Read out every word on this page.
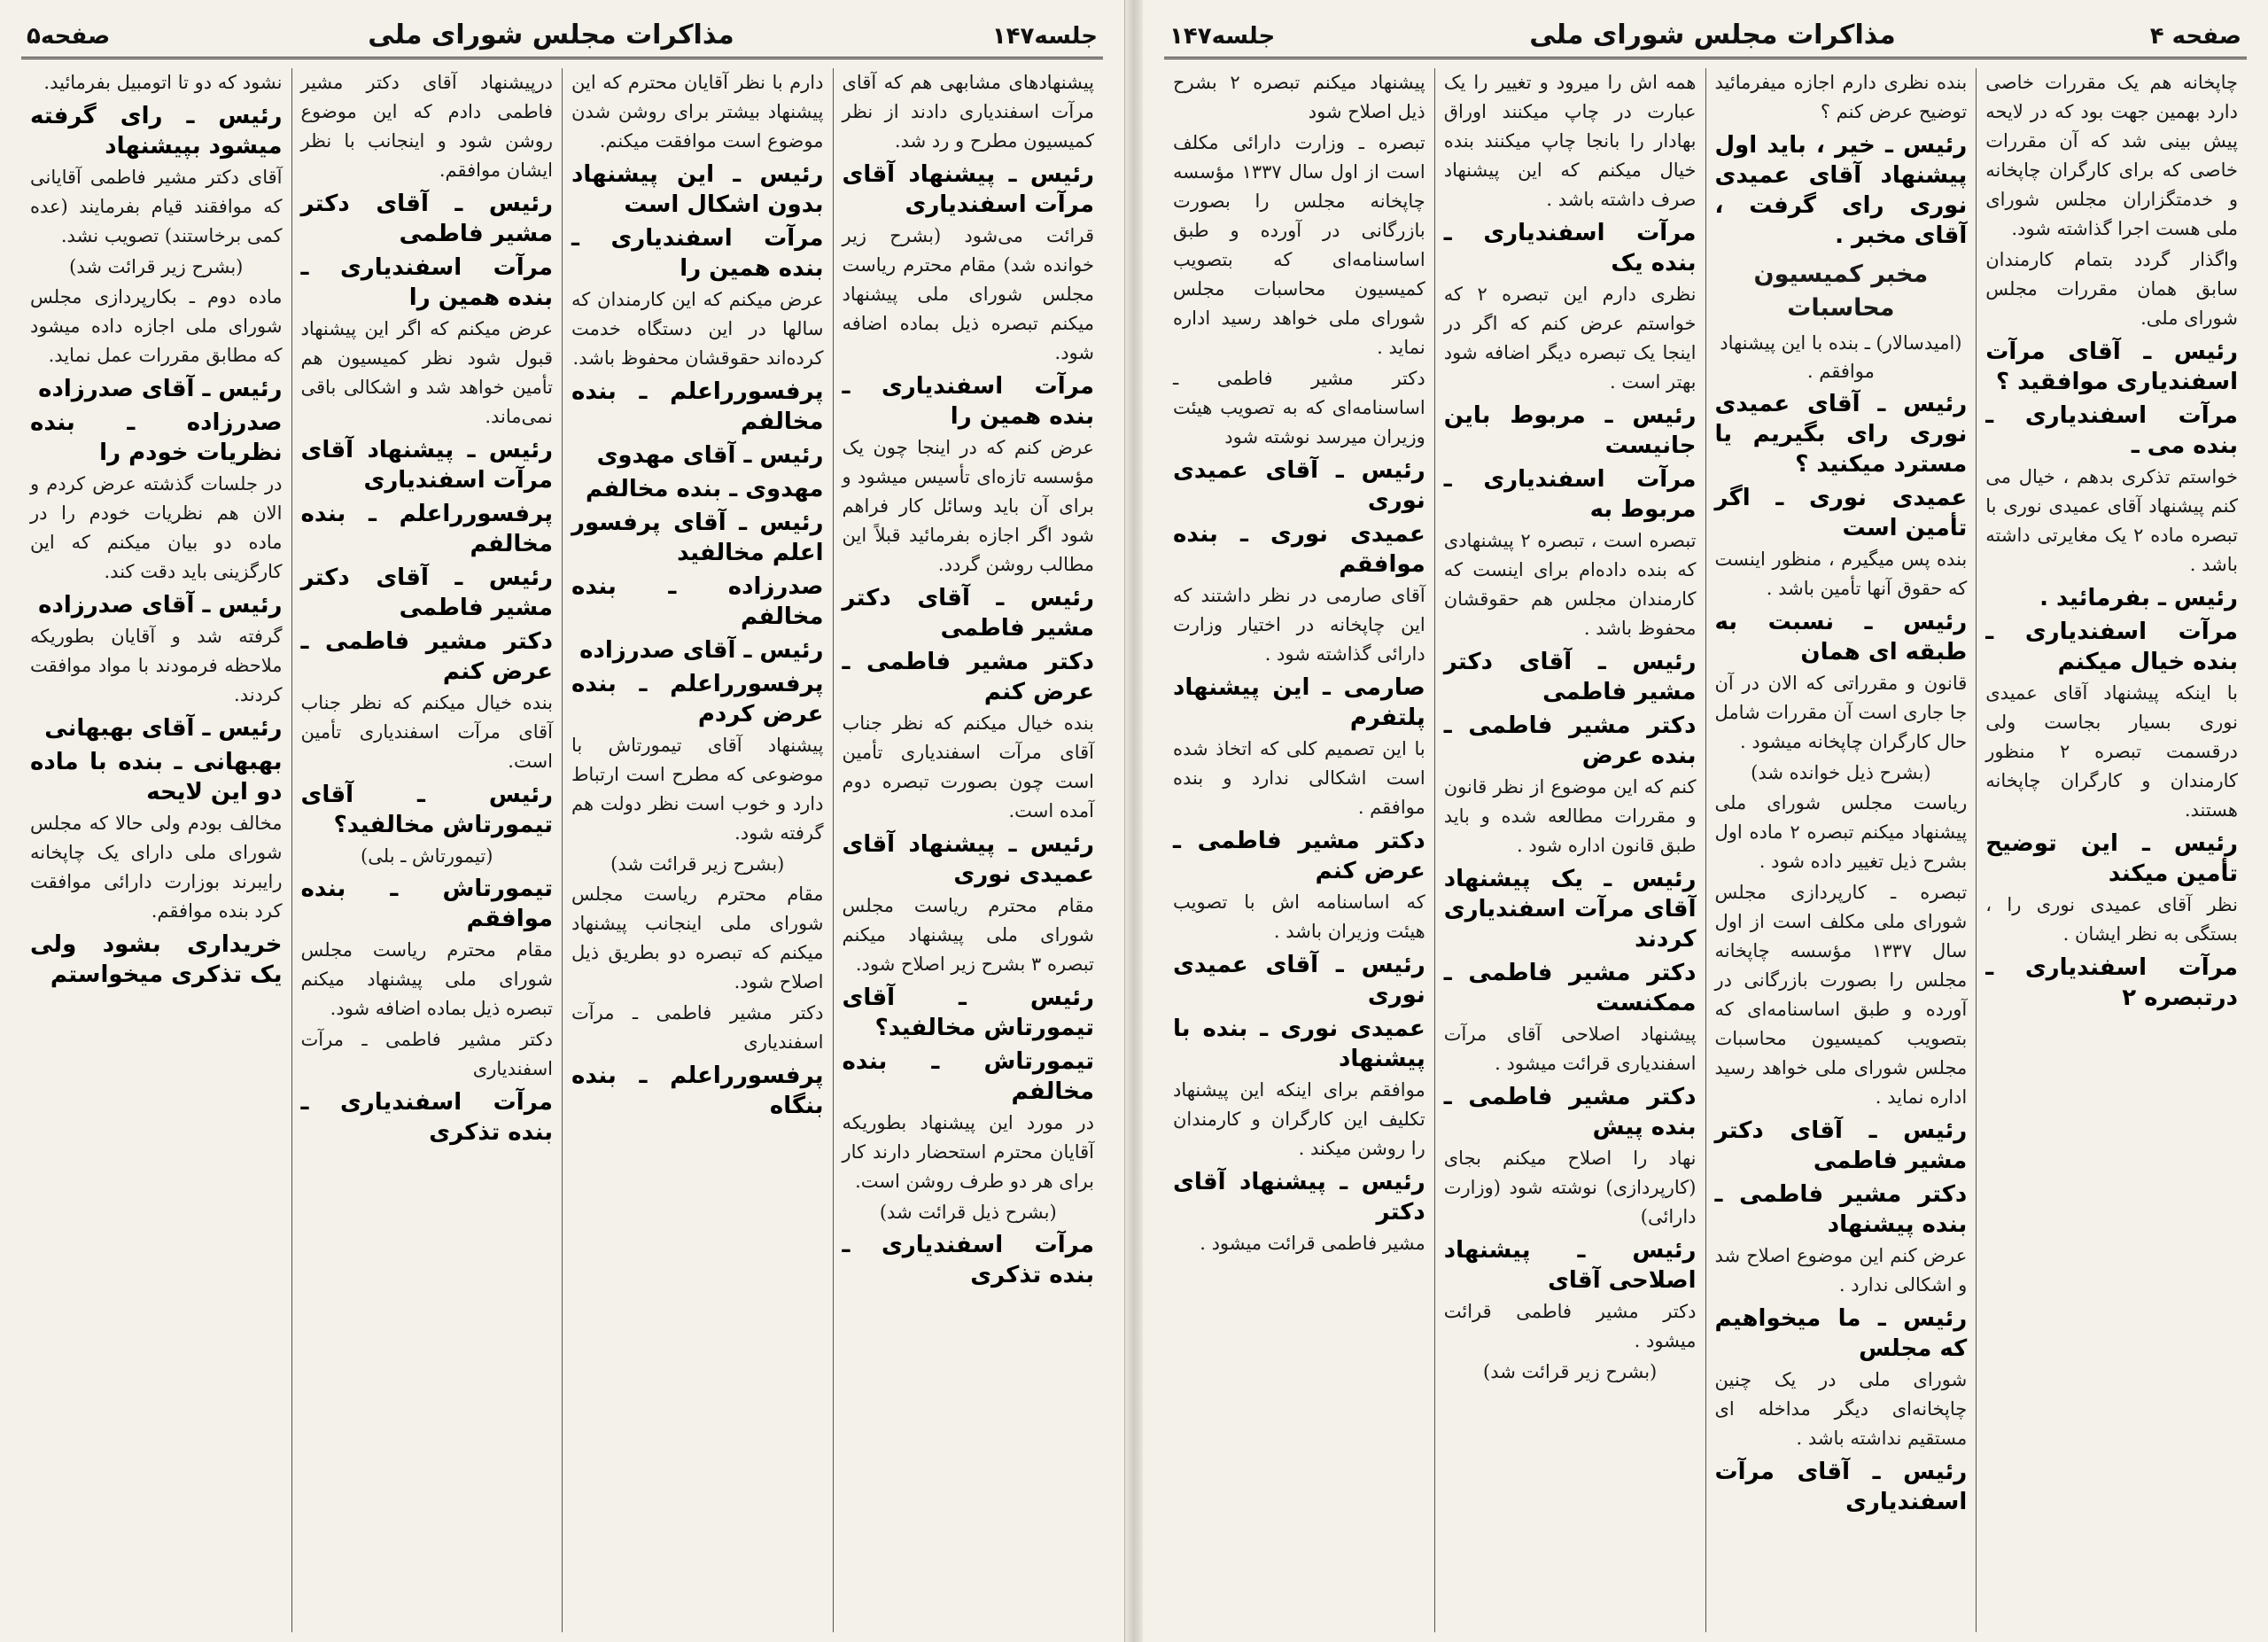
جلسه۱۴۷
مذاکرات مجلس شورای ملی
صفحه۵
پیشنهادهای مشابهی هم که آقای مرآت اسفندیاری دادند از نظر کمیسیون مطرح و رد شد.
رئیس ـ پیشنهاد آقای مرآت اسفندیاری
قرائت می‌شود (بشرح زیر خوانده شد) مقام محترم ریاست مجلس شورای ملی پیشنهاد میکنم تبصره ذیل بماده اضافه شود.
مرآت اسفندیاری ـ بنده همین را
عرض کنم که در اینجا چون یک مؤسسه تازه‌ای تأسیس میشود و برای آن باید وسائل کار فراهم شود اگر اجازه بفرمائید قبلاً این مطالب روشن گردد.
رئیس ـ آقای دکتر مشیر فاطمی
دکتر مشیر فاطمی ـ عرض کنم
بنده خیال میکنم که نظر جناب آقای مرآت اسفندیاری تأمین است چون بصورت تبصره دوم آمده است.
رئیس ـ پیشنهاد آقای عمیدی نوری
مقام محترم ریاست مجلس شورای ملی پیشنهاد میکنم تبصره ۳ بشرح زیر اصلاح شود.
رئیس ـ آقای تیمورتاش مخالفید؟
تیمورتاش ـ بنده مخالفم
در مورد این پیشنهاد بطوریکه آقایان محترم استحضار دارند کار برای هر دو طرف روشن است.
(بشرح ذیل قرائت شد)
مرآت اسفندیاری ـ بنده تذکری
دارم با نظر آقایان محترم که این پیشنهاد بیشتر برای روشن شدن موضوع است موافقت میکنم.
رئیس ـ این پیشنهاد بدون اشکال است
مرآت اسفندیاری ـ بنده همین را
عرض میکنم که این کارمندان که سالها در این دستگاه خدمت کرده‌اند حقوقشان محفوظ باشد.
پرفسورراعلم ـ بنده مخالفم
رئیس ـ آقای مهدوی
مهدوی ـ بنده مخالفم
رئیس ـ آقای پرفسور اعلم مخالفید
صدرزاده ـ بنده مخالفم
رئیس ـ آقای صدرزاده
پرفسورراعلم ـ بنده عرض کردم
پیشنهاد آقای تیمورتاش با موضوعی که مطرح است ارتباط دارد و خوب است نظر دولت هم گرفته شود.
(بشرح زیر قرائت شد)
مقام محترم ریاست مجلس شورای ملی اینجانب پیشنهاد میکنم که تبصره دو بطریق ذیل اصلاح شود.
دکتر مشیر فاطمی ـ مرآت اسفندیاری
پرفسورراعلم ـ بنده بنگاه
درپیشنهاد آقای دکتر مشیر فاطمی دادم که این موضوع روشن شود و اینجانب با نظر ایشان موافقم.
رئیس ـ آقای دکتر مشیر فاطمی
مرآت اسفندیاری ـ بنده همین را
عرض میکنم که اگر این پیشنهاد قبول شود نظر کمیسیون هم تأمین خواهد شد و اشکالی باقی نمی‌ماند.
رئیس ـ پیشنهاد آقای مرآت اسفندیاری
پرفسورراعلم ـ بنده مخالفم
رئیس ـ آقای دکتر مشیر فاطمی
دکتر مشیر فاطمی ـ عرض کنم
بنده خیال میکنم که نظر جناب آقای مرآت اسفندیاری تأمین است.
رئیس ـ آقای تیمورتاش مخالفید؟
(تیمورتاش ـ بلی)
تیمورتاش ـ بنده موافقم
مقام محترم ریاست مجلس شورای ملی پیشنهاد میکنم تبصره ذیل بماده اضافه شود.
دکتر مشیر فاطمی ـ مرآت اسفندیاری
مرآت اسفندیاری ـ بنده تذکری
نشود که دو تا اتومبیل بفرمائید.
رئیس ـ رای گرفته میشود بپیشنهاد
آقای دکتر مشیر فاطمی آقایانی که موافقند قیام بفرمایند (عده کمی برخاستند) تصویب نشد.
(بشرح زیر قرائت شد)
ماده دوم ـ بکارپردازی مجلس شورای ملی اجازه داده میشود که مطابق مقررات عمل نماید.
رئیس ـ آقای صدرزاده
صدرزاده ـ بنده نظریات خودم را
در جلسات گذشته عرض کردم و الان هم نظریات خودم را در ماده دو بیان میکنم که این کارگزینی باید دقت کند.
رئیس ـ آقای صدرزاده
گرفته شد و آقایان بطوریکه ملاحظه فرمودند با مواد موافقت کردند.
رئیس ـ آقای بهبهانی
بهبهانی ـ بنده با ماده دو این لایحه
مخالف بودم ولی حالا که مجلس شورای ملی دارای یک چاپخانه رایبرند بوزارت دارائی موافقت کرد بنده موافقم.
خریداری بشود ولی یک تذکری میخواستم
صفحه ۴
مذاکرات مجلس شورای ملی
جلسه۱۴۷
چاپخانه هم یک مقررات خاصی دارد بهمین جهت بود که در لایحه پیش بینی شد که آن مقررات خاصی که برای کارگران چاپخانه و خدمتگزاران مجلس شورای ملی هست اجرا گذاشته شود.
واگذار گردد بتمام کارمندان سابق همان مقررات مجلس شورای ملی.
رئیس ـ آقای مرآت اسفندیاری موافقید ؟
مرآت اسفندیاری ـ بنده می ـ
خواستم تذکری بدهم ، خیال می کنم پیشنهاد آقای عمیدی نوری با تبصره ماده ۲ یک مغایرتی داشته باشد .
رئیس ـ بفرمائید .
مرآت اسفندیاری ـ بنده خیال میکنم
با اینکه پیشنهاد آقای عمیدی نوری بسیار بجاست ولی درقسمت تبصره ۲ منظور کارمندان و کارگران چاپخانه هستند.
رئیس ـ این توضیح تأمین میکند
نظر آقای عمیدی نوری را ، بستگی به نظر ایشان .
مرآت اسفندیاری ـ درتبصره ۲
بنده نظری دارم اجازه میفرمائید توضیح عرض کنم ؟
رئیس ـ خیر ، باید اول پیشنهاد آقای عمیدی نوری رای گرفت ، آقای مخبر .
مخبر کمیسیون محاسبات
(امیدسالار) ـ بنده با این پیشنهاد موافقم .
رئیس ـ آقای عمیدی نوری رای بگیریم یا مسترد میکنید ؟
عمیدی نوری ـ اگر تأمین است
بنده پس میگیرم ، منظور اینست که حقوق آنها تأمین باشد .
رئیس ـ نسبت به طبقه ای همان
قانون و مقرراتی که الان در آن جا جاری است آن مقررات شامل حال کارگران چاپخانه میشود .
(بشرح ذیل خوانده شد)
ریاست مجلس شورای ملی پیشنهاد میکنم تبصره ۲ ماده اول بشرح ذیل تغییر داده شود .
تبصره ـ کارپردازی مجلس شورای ملی مکلف است از اول سال ۱۳۳۷ مؤسسه چاپخانه مجلس را بصورت بازرگانی در آورده و طبق اساسنامه‌ای که بتصویب کمیسیون محاسبات مجلس شورای ملی خواهد رسید اداره نماید .
رئیس ـ آقای دکتر مشیر فاطمی
دکتر مشیر فاطمی ـ بنده پیشنهاد
عرض کنم این موضوع اصلاح شد و اشکالی ندارد .
رئیس ـ ما میخواهیم که مجلس
شورای ملی در یک چنین چاپخانه‌ای دیگر مداخله ای مستقیم نداشته باشد .
رئیس ـ آقای مرآت اسفندیاری
همه اش را میرود و تغییر را یک عبارت در چاپ میکنند اوراق بهادار را بانجا چاپ میکنند بنده خیال میکنم که این پیشنهاد صرف داشته باشد .
مرآت اسفندیاری ـ بنده یک
نظری دارم این تبصره ۲ که خواستم عرض کنم که اگر در اینجا یک تبصره دیگر اضافه شود بهتر است .
رئیس ـ مربوط باین جانیست
مرآت اسفندیاری ـ مربوط به
تبصره است ، تبصره ۲ پیشنهادی که بنده داده‌ام برای اینست که کارمندان مجلس هم حقوقشان محفوظ باشد .
رئیس ـ آقای دکتر مشیر فاطمی
دکتر مشیر فاطمی ـ بنده عرض
کنم که این موضوع از نظر قانون و مقررات مطالعه شده و باید طبق قانون اداره شود .
رئیس ـ یک پیشنهاد آقای مرآت اسفندیاری کردند
دکتر مشیر فاطمی ـ ممکنست
پیشنهاد اصلاحی آقای مرآت اسفندیاری قرائت میشود .
دکتر مشیر فاطمی ـ بنده پیش
نهاد را اصلاح میکنم بجای (کارپردازی) نوشته شود (وزارت دارائی)
رئیس ـ پیشنهاد اصلاحی آقای
دکتر مشیر فاطمی قرائت میشود .
(بشرح زیر قرائت شد)
پیشنهاد میکنم تبصره ۲ بشرح ذیل اصلاح شود
تبصره ـ وزارت دارائی مکلف است از اول سال ۱۳۳۷ مؤسسه چاپخانه مجلس را بصورت بازرگانی در آورده و طبق اساسنامه‌ای که بتصویب کمیسیون محاسبات مجلس شورای ملی خواهد رسید اداره نماید .
دکتر مشیر فاطمی ـ اساسنامه‌ای که به تصویب هیئت وزیران میرسد نوشته شود
رئیس ـ آقای عمیدی نوری
عمیدی نوری ـ بنده موافقم
آقای صارمی در نظر داشتند که این چاپخانه در اختیار وزارت دارائی گذاشته شود .
صارمی ـ این پیشنهاد پلتفرم
با این تصمیم کلی که اتخاذ شده است اشکالی ندارد و بنده موافقم .
دکتر مشیر فاطمی ـ عرض کنم
که اساسنامه اش با تصویب هیئت وزیران باشد .
رئیس ـ آقای عمیدی نوری
عمیدی نوری ـ بنده با پیشنهاد
موافقم برای اینکه این پیشنهاد تکلیف این کارگران و کارمندان را روشن میکند .
رئیس ـ پیشنهاد آقای دکتر
مشیر فاطمی قرائت میشود .
